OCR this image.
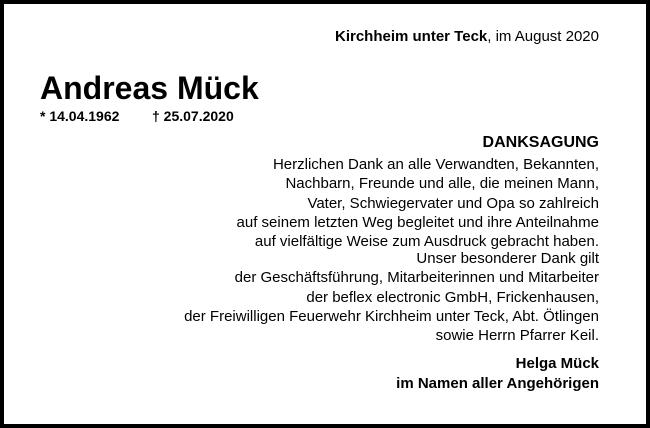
Kirchheim unter Teck, im August 2020
Andreas Mück
* 14.04.1962 † 25.07.2020
DANKSAGUNG
Herzlichen Dank an alle Verwandten, Bekannten,
Nachbarn, Freunde und alle, die meinen Mann,
Vater, Schwiegervater und Opa so zahlreich
auf seinem letzten Weg begleitet und ihre Anteilnahme
auf vielfältige Weise zum Ausdruck gebracht haben.
Unser besonderer Dank gilt
der Geschäftsführung, Mitarbeiterinnen und Mitarbeiter
der beflex electronic GmbH, Frickenhausen,
der Freiwilligen Feuerwehr Kirchheim unter Teck, Abt. Ötlingen
sowie Herrn Pfarrer Keil.
Helga Mück
im Namen aller Angehörigen
